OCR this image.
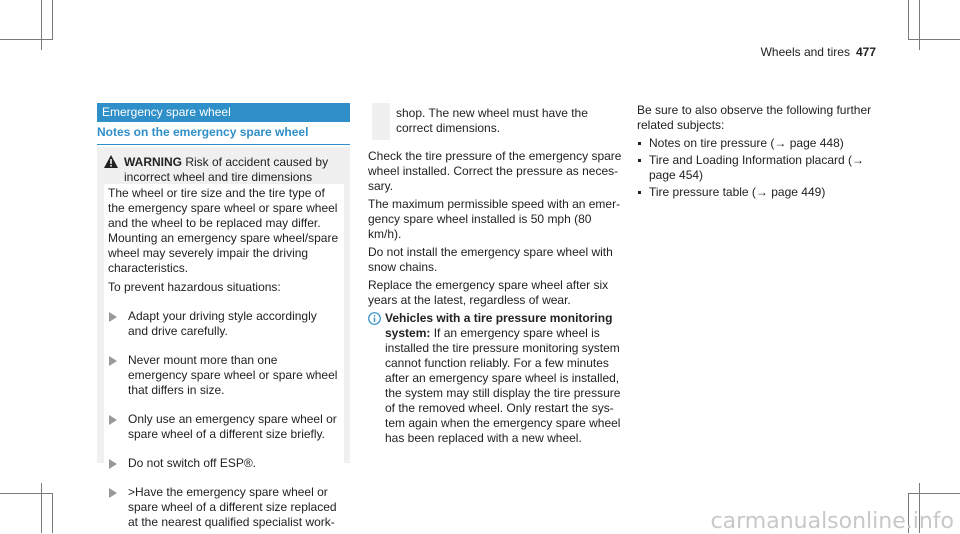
Wheels and tires 477
Emergency spare wheel
Notes on the emergency spare wheel
WARNING Risk of accident caused by incorrect wheel and tire dimensions

The wheel or tire size and the tire type of the emergency spare wheel or spare wheel and the wheel to be replaced may differ. Mounting an emergency spare wheel/spare wheel may severely impair the driving characteristics.

To prevent hazardous situations:

Adapt your driving style accordingly and drive carefully.
Never mount more than one emergency spare wheel or spare wheel that differs in size.
Only use an emergency spare wheel or spare wheel of a different size briefly.
Do not switch off ESP®.
>Have the emergency spare wheel or spare wheel of a different size replaced at the nearest qualified specialist work-
shop. The new wheel must have the correct dimensions.

Check the tire pressure of the emergency spare wheel installed. Correct the pressure as necessary.

The maximum permissible speed with an emergency spare wheel installed is 50 mph (80 km/h).

Do not install the emergency spare wheel with snow chains.

Replace the emergency spare wheel after six years at the latest, regardless of wear.

Vehicles with a tire pressure monitoring system: If an emergency spare wheel is installed the tire pressure monitoring system cannot function reliably. For a few minutes after an emergency spare wheel is installed, the system may still display the tire pressure of the removed wheel. Only restart the system again when the emergency spare wheel has been replaced with a new wheel.

Be sure to also observe the following further related subjects:

Notes on tire pressure (→ page 448)
Tire and Loading Information placard (→ page 454)
Tire pressure table (→ page 449)
carmanualsonline.info
